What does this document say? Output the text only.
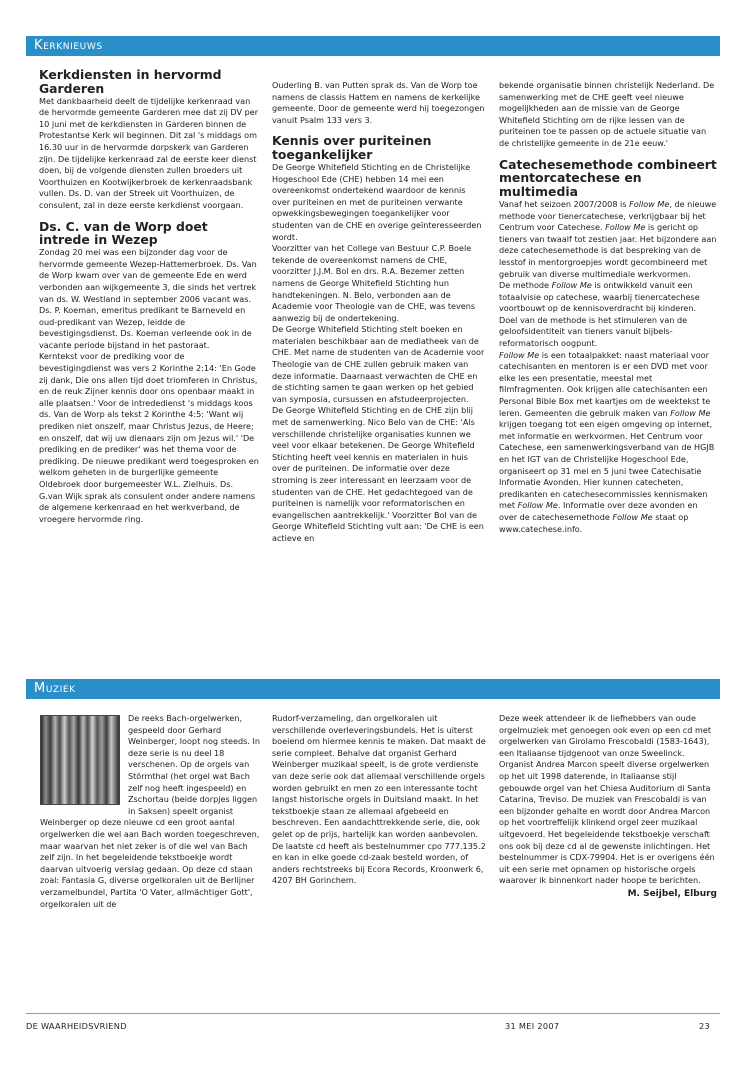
Kerknieuws
Kerkdiensten in hervormd Garderen

Met dankbaarheid deelt de tijdelijke kerkenraad van de hervormde gemeente Garderen mee dat zij DV per 10 juni met de kerkdiensten in Garderen binnen de Protestantse Kerk wil beginnen. Dit zal 's middags om 16.30 uur in de hervormde dorpskerk van Garderen zijn. De tijdelijke kerkenraad zal de eerste keer dienst doen, bij de volgende diensten zullen broeders uit Voorthuizen en Kootwijkerbroek de kerkenraadsbank vullen. Ds. D. van der Streek uit Voorthuizen, de consulent, zal in deze eerste kerkdienst voorgaan.

Ds. C. van de Worp doet intrede in Wezep

Zondag 20 mei was een bijzonder dag voor de hervormde gemeente Wezep-Hattemerbroek. Ds. Van de Worp kwam over van de gemeente Ede en werd verbonden aan wijkgemeente 3, die sinds het vertrek van ds. W. Westland in september 2006 vacant was. Ds. P. Koeman, emeritus predikant te Barneveld en oud-predikant van Wezep, leidde de bevestigingsdienst. Ds. Koeman verleende ook in de vacante periode bijstand in het pastoraat.

Kerntekst voor de prediking voor de bevestigingdienst was vers 2 Korinthe 2:14: 'En Gode zij dank, Die ons allen tijd doet triomferen in Christus, en de reuk Zijner kennis door ons openbaar maakt in alle plaatsen.' Voor de intrededienst 's middags koos ds. Van de Worp als tekst 2 Korinthe 4:5: 'Want wij prediken niet onszelf, maar Christus Jezus, de Heere; en onszelf, dat wij uw dienaars zijn om Jezus wil.' 'De prediking en de prediker' was het thema voor de prediking. De nieuwe predikant werd toegesproken en welkom geheten in de burgerlijke gemeente Oldebroek door burgemeester W.L. Zielhuis. Ds. G.van Wijk sprak als consulent onder andere namens de algemene kerkenraad en het werkverband, de vroegere hervormde ring.

Ouderling B. van Putten sprak ds. Van de Worp toe namens de classis Hattem en namens de kerkelijke gemeente. Door de gemeente werd hij toegezongen vanuit Psalm 133 vers 3.

Kennis over puriteinen toegankelijker

De George Whitefield Stichting en de Christelijke Hogeschool Ede (CHE) hebben 14 mei een overeenkomst ondertekend waardoor de kennis over puriteinen en met de puriteinen verwante opwekkingsbewegingen toegankelijker voor studenten van de CHE en overige geïnteresseerden wordt.

Voorzitter van het College van Bestuur C.P. Boele tekende de overeenkomst namens de CHE, voorzitter J.J.M. Bol en drs. R.A. Bezemer zetten namens de George Whitefield Stichting hun handtekeningen. N. Belo, verbonden aan de Academie voor Theologie van de CHE, was tevens aanwezig bij de ondertekening.

De George Whitefield Stichting stelt boeken en materialen beschikbaar aan de mediatheek van de CHE. Met name de studenten van de Academie voor Theologie van de CHE zullen gebruik maken van deze informatie. Daarnaast verwachten de CHE en de stichting samen te gaan werken op het gebied van symposia, cursussen en afstudeerprojecten.

De George Whitefield Stichting en de CHE zijn blij met de samenwerking. Nico Belo van de CHE: 'Als verschillende christelijke organisaties kunnen we veel voor elkaar betekenen. De George Whitefield Stichting heeft veel kennis en materialen in huis over de puriteinen. De informatie over deze stroming is zeer interessant en leerzaam voor de studenten van de CHE. Het gedachtegoed van de puriteinen is namelijk voor reformatorischen en evangelischen aantrekkelijk.' Voorzitter Bol van de George Whitefield Stichting vult aan: 'De CHE is een actieve en

bekende organisatie binnen christelijk Nederland. De samenwerking met de CHE geeft veel nieuwe mogelijkheden aan de missie van de George Whitefield Stichting om de rijke lessen van de puriteinen toe te passen op de actuele situatie van de christelijke gemeente in de 21e eeuw.'

Catechesemethode combineert mentorcatechese en multimedia

Vanaf het seizoen 2007/2008 is Follow Me, de nieuwe methode voor tienercatechese, verkrijgbaar bij het Centrum voor Catechese. Follow Me is gericht op tieners van twaalf tot zestien jaar. Het bijzondere aan deze catechesemethode is dat bespreking van de lesstof in mentorgroepjes wordt gecombineerd met gebruik van diverse multimediale werkvormen.

De methode Follow Me is ontwikkeld vanuit een totaalvisie op catechese, waarbij tienercatechese voortbouwt op de kennisoverdracht bij kinderen. Doel van de methode is het stimuleren van de geloofsidentiteit van tieners vanuit bijbels-reformatorisch oogpunt.

Follow Me is een totaalpakket: naast materiaal voor catechisanten en mentoren is er een DVD met voor elke les een presentatie, meestal met filmfragmenten. Ook krijgen alle catechisanten een Personal Bible Box met kaartjes om de weektekst te leren. Gemeenten die gebruik maken van Follow Me krijgen toegang tot een eigen omgeving op internet, met informatie en werkvormen. Het Centrum voor Catechese, een samenwerkingsverband van de HGJB en het IGT van de Christelijke Hogeschool Ede, organiseert op 31 mei en 5 juni twee Catechisatie Informatie Avonden. Hier kunnen catecheten, predikanten en catechesecommissies kennismaken met Follow Me. Informatie over deze avonden en over de catechesemethode Follow Me staat op www.catechese.info.

Muziek

De reeks Bach-orgelwerken, gespeeld door Gerhard Weinberger, loopt nog steeds. In deze serie is nu deel 18 verschenen. Op de orgels van Störmthal (het orgel wat Bach zelf nog heeft ingespeeld) en Zschortau (beide dorpjes liggen in Saksen) speelt organist Weinberger op deze nieuwe cd een groot aantal orgelwerken die wel aan Bach worden toegeschreven, maar waarvan het niet zeker is of die wel van Bach zelf zijn. In het begeleidende tekstboekje wordt daarvan uitvoerig verslag gedaan. Op deze cd staan zoal: Fantasia G, diverse orgelkoralen uit de Berlijner verzamelbundel, Partita 'O Vater, allmächtiger Gott', orgelkoralen uit de

Rudorf-verzameling, dan orgelkoralen uit verschillende overleveringsbundels. Het is uiterst boeiend om hiermee kennis te maken. Dat maakt de serie compleet. Behalve dat organist Gerhard Weinberger muzikaal speelt, is de grote verdienste van deze serie ook dat allemaal verschillende orgels worden gebruikt en men zo een interessante tocht langst historische orgels in Duitsland maakt. In het tekstboekje staan ze allemaal afgebeeld en beschreven. Een aandachttrekkende serie, die, ook gelet op de prijs, hartelijk kan worden aanbevolen. De laatste cd heeft als bestelnummer cpo 777.135.2 en kan in elke goede cd-zaak besteld worden, of anders rechtstreeks bij Ecora Records, Kroonwerk 6, 4207 BH Gorinchem.

Deze week attendeer ik de liefhebbers van oude orgelmuziek met genoegen ook even op een cd met orgelwerken van Girolamo Frescobaldi (1583-1643), een Italiaanse tijdgenoot van onze Sweelinck. Organist Andrea Marcon speelt diverse orgelwerken op het uit 1998 daterende, in Italiaanse stijl gebouwde orgel van het Chiesa Auditorium di Santa Catarina, Treviso. De muziek van Frescobaldi is van een bijzonder gehalte en wordt door Andrea Marcon op het voortreffelijk klinkend orgel zeer muzikaal uitgevoerd. Het begeleidende tekstboekje verschaft ons ook bij deze cd al de gewenste inlichtingen. Het bestelnummer is CDX-79904. Het is er overigens één uit een serie met opnamen op historische orgels waarover ik binnenkort nader hoope te berichten.

M. Seijbel, Elburg
DE WAARHEIDSVRIEND	31 MEI 2007	23
